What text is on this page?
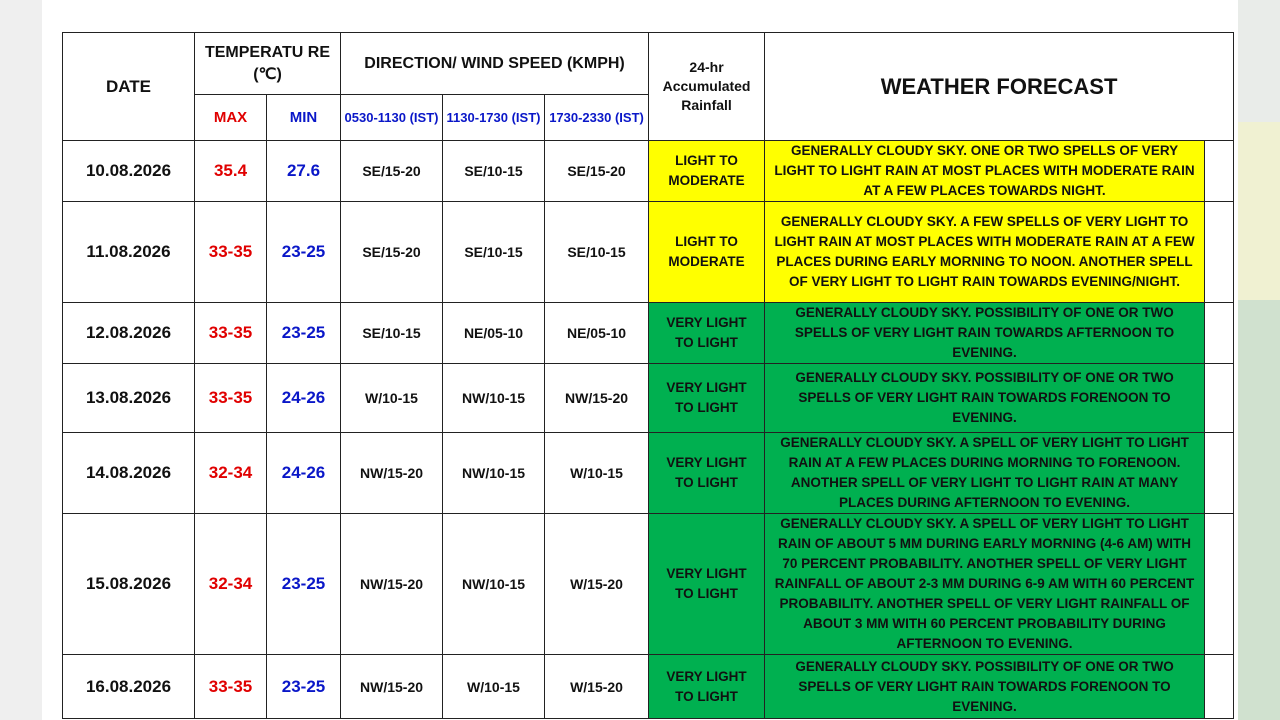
DATE	TEMPERATU RE (℃)		DIRECTION/ WIND SPEED (KMPH)			24-hr Accumulated Rainfall	WEATHER FORECAST	
	MAX	MIN	0530-1130 (IST)	1130-1730 (IST)	1730-2330 (IST)			
10.08.2026	35.4	27.6	SE/15-20	SE/10-15	SE/15-20	LIGHT TO MODERATE	GENERALLY CLOUDY SKY. ONE OR TWO SPELLS OF VERY LIGHT TO LIGHT RAIN AT MOST PLACES WITH MODERATE RAIN AT A FEW PLACES TOWARDS NIGHT.	
11.08.2026	33-35	23-25	SE/15-20	SE/10-15	SE/10-15	LIGHT TO MODERATE	GENERALLY CLOUDY SKY. A FEW SPELLS OF VERY LIGHT TO LIGHT RAIN AT MOST PLACES WITH MODERATE RAIN AT A FEW PLACES DURING EARLY MORNING TO NOON. ANOTHER SPELL OF VERY LIGHT TO LIGHT RAIN TOWARDS EVENING/NIGHT.	
12.08.2026	33-35	23-25	SE/10-15	NE/05-10	NE/05-10	VERY LIGHT TO LIGHT	GENERALLY CLOUDY SKY. POSSIBILITY OF ONE OR TWO SPELLS OF VERY LIGHT RAIN TOWARDS AFTERNOON TO EVENING.	
13.08.2026	33-35	24-26	W/10-15	NW/10-15	NW/15-20	VERY LIGHT TO LIGHT	GENERALLY CLOUDY SKY. POSSIBILITY OF ONE OR TWO SPELLS OF VERY LIGHT RAIN TOWARDS FORENOON TO EVENING.	
14.08.2026	32-34	24-26	NW/15-20	NW/10-15	W/10-15	VERY LIGHT TO LIGHT	GENERALLY CLOUDY SKY. A SPELL OF VERY LIGHT TO LIGHT RAIN AT A FEW PLACES DURING MORNING TO FORENOON. ANOTHER SPELL OF VERY LIGHT TO LIGHT RAIN AT MANY PLACES DURING AFTERNOON TO EVENING.	
15.08.2026	32-34	23-25	NW/15-20	NW/10-15	W/15-20	VERY LIGHT TO LIGHT	GENERALLY CLOUDY SKY. A SPELL OF VERY LIGHT TO LIGHT RAIN OF ABOUT 5 MM DURING EARLY MORNING (4-6 AM) WITH 70 PERCENT PROBABILITY. ANOTHER SPELL OF VERY LIGHT RAINFALL OF ABOUT 2-3 MM DURING 6-9 AM WITH 60 PERCENT PROBABILITY. ANOTHER SPELL OF VERY LIGHT RAINFALL OF ABOUT 3 MM WITH 60 PERCENT PROBABILITY DURING AFTERNOON TO EVENING.	
16.08.2026	33-35	23-25	NW/15-20	W/10-15	W/15-20	VERY LIGHT TO LIGHT	GENERALLY CLOUDY SKY. POSSIBILITY OF ONE OR TWO SPELLS OF VERY LIGHT RAIN TOWARDS FORENOON TO EVENING.	
